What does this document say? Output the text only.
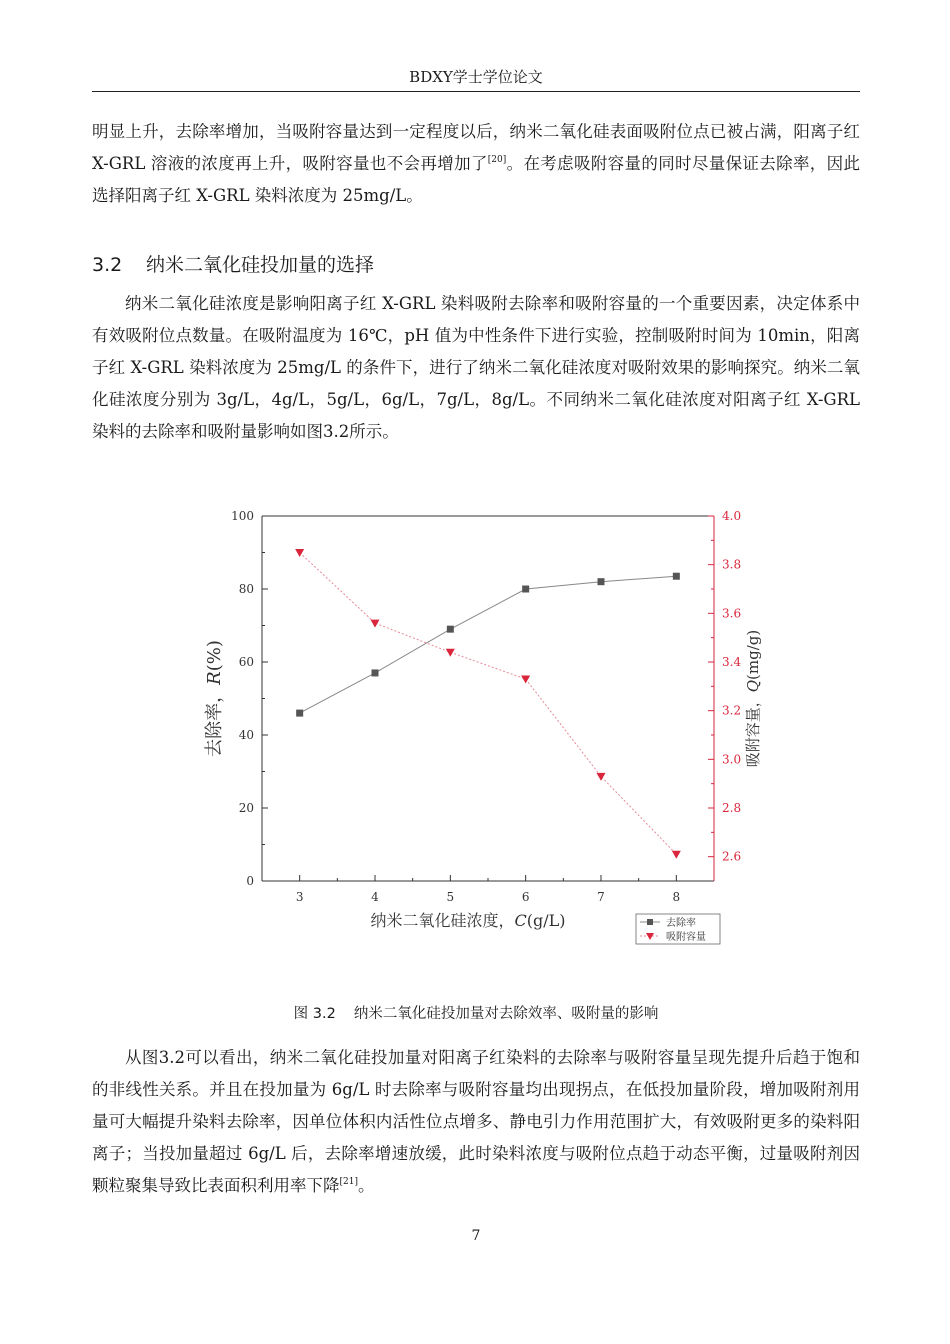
BDXY学士学位论文
明显上升，去除率增加，当吸附容量达到一定程度以后，纳米二氧化硅表面吸附位点已被占满，阳离子红 X-GRL 溶液的浓度再上升，吸附容量也不会再增加了[20]。在考虑吸附容量的同时尽量保证去除率，因此选择阳离子红 X-GRL 染料浓度为 25mg/L。
3.2 纳米二氧化硅投加量的选择
纳米二氧化硅浓度是影响阳离子红 X-GRL 染料吸附去除率和吸附容量的一个重要因素，决定体系中有效吸附位点数量。在吸附温度为 16℃，pH 值为中性条件下进行实验，控制吸附时间为 10min，阳离子红 X-GRL 染料浓度为 25mg/L 的条件下，进行了纳米二氧化硅浓度对吸附效果的影响探究。纳米二氧化硅浓度分别为 3g/L，4g/L，5g/L，6g/L，7g/L，8g/L。不同纳米二氧化硅浓度对阳离子红 X-GRL 染料的去除率和吸附量影响如图3.2所示。
0
20
40
60
80
100
2.6
2.8
3.0
3.2
3.4
3.6
3.8
4.0
3	4	5	6	7	8
纳米二氧化硅浓度，C(g/L)
去除率，R(%)
吸附容量，Q(mg/g)
去除率
吸附容量
图 3.2 纳米二氧化硅投加量对去除效率、吸附量的影响
从图3.2可以看出，纳米二氧化硅投加量对阳离子红染料的去除率与吸附容量呈现先提升后趋于饱和的非线性关系。并且在投加量为 6g/L 时去除率与吸附容量均出现拐点，在低投加量阶段，增加吸附剂用量可大幅提升染料去除率，因单位体积内活性位点增多、静电引力作用范围扩大，有效吸附更多的染料阳离子；当投加量超过 6g/L 后，去除率增速放缓，此时染料浓度与吸附位点趋于动态平衡，过量吸附剂因颗粒聚集导致比表面积利用率下降[21]。
7
